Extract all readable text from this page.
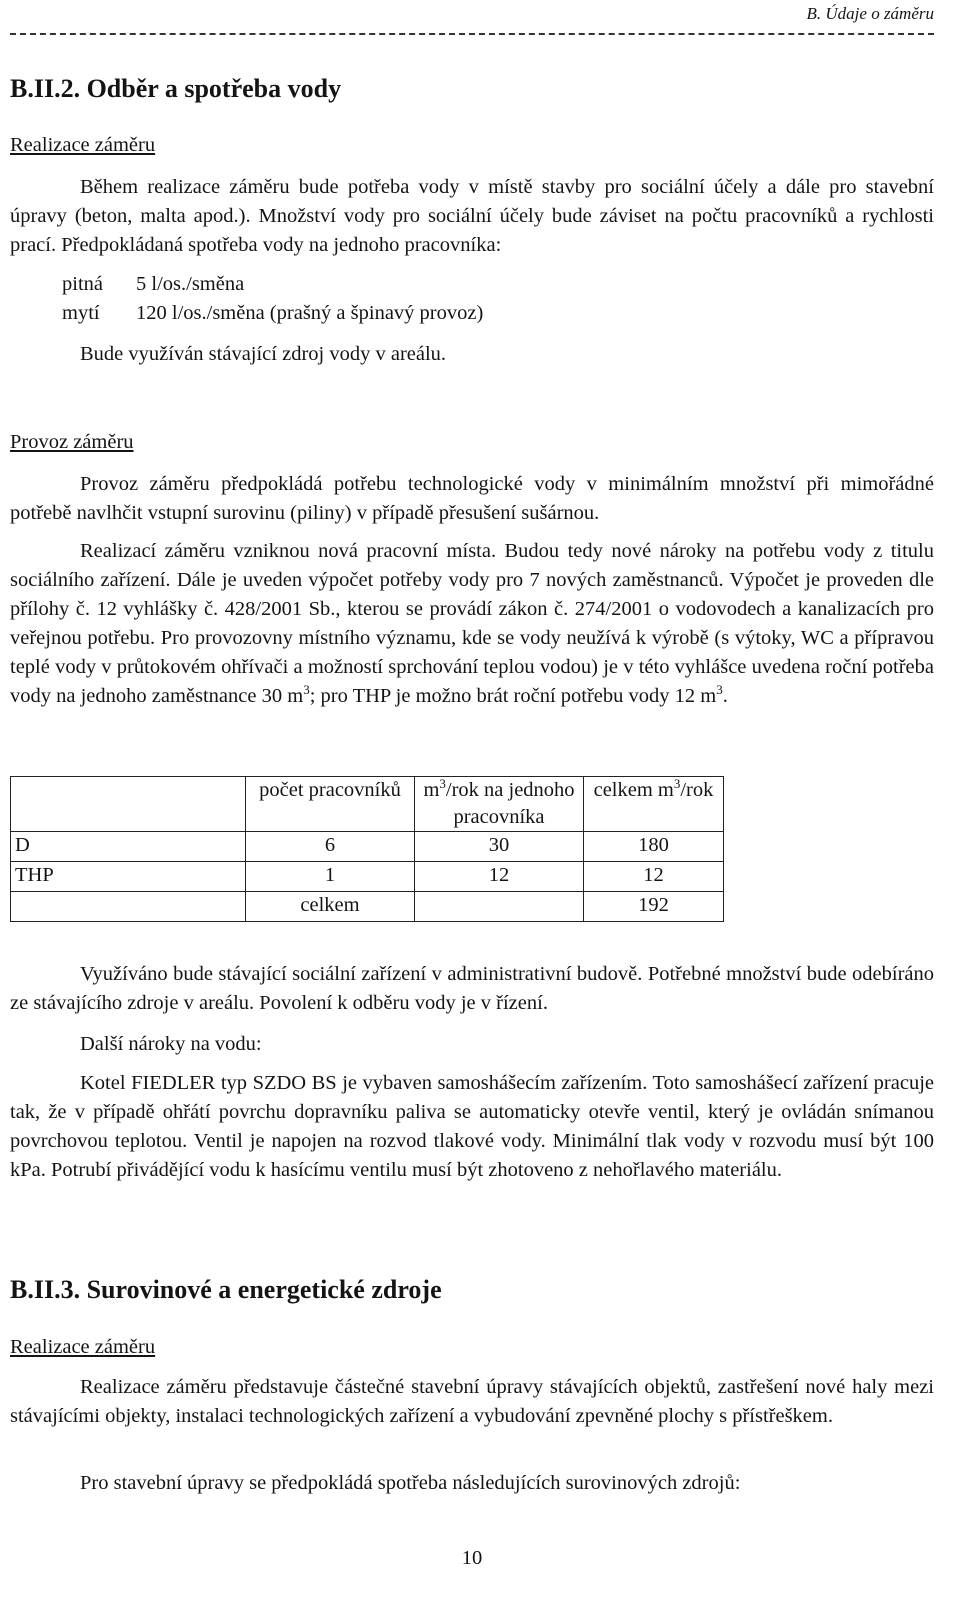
B. Údaje o záměru
B.II.2. Odběr a spotřeba vody
Realizace záměru
Během realizace záměru bude potřeba vody v místě stavby pro sociální účely a dále pro stavební úpravy (beton, malta apod.). Množství vody pro sociální účely bude záviset na počtu pracovníků a rychlosti prací. Předpokládaná spotřeba vody na jednoho pracovníka:
pitná 5 l/os./směna
mytí 120 l/os./směna (prašný a špinavý provoz)
Bude využíván stávající zdroj vody v areálu.
Provoz záměru
Provoz záměru předpokládá potřebu technologické vody v minimálním množství při mimořádné potřebě navlhčit vstupní surovinu (piliny) v případě přesušení sušárnou.
Realizací záměru vzniknou nová pracovní místa. Budou tedy nové nároky na potřebu vody z titulu sociálního zařízení. Dále je uveden výpočet potřeby vody pro 7 nových zaměstnanců. Výpočet je proveden dle přílohy č. 12 vyhlášky č. 428/2001 Sb., kterou se provádí zákon č. 274/2001 o vodovodech a kanalizacích pro veřejnou potřebu. Pro provozovny místního významu, kde se vody neužívá k výrobě (s výtoky, WC a přípravou teplé vody v průtokovém ohřívači a možností sprchování teplou vodou) je v této vyhlášce uvedena roční potřeba vody na jednoho zaměstnance 30 $m^3$; pro THP je možno brát roční potřebu vody 12 $m^3$.
	počet pracovníků	$m^3$/rok na jednoho pracovníka	celkem $m^3$/rok
D	6	30	180
THP	1	12	12
	celkem		192
Využíváno bude stávající sociální zařízení v administrativní budově. Potřebné množství bude odebíráno ze stávajícího zdroje v areálu. Povolení k odběru vody je v řízení.
Další nároky na vodu:
Kotel FIEDLER typ SZDO BS je vybaven samoshášecím zařízením. Toto samoshášecí zařízení pracuje tak, že v případě ohřátí povrchu dopravníku paliva se automaticky otevře ventil, který je ovládán snímanou povrchovou teplotou. Ventil je napojen na rozvod tlakové vody. Minimální tlak vody v rozvodu musí být 100 kPa. Potrubí přivádějící vodu k hasícímu ventilu musí být zhotoveno z nehořlavého materiálu.
B.II.3. Surovinové a energetické zdroje
Realizace záměru
Realizace záměru představuje částečné stavební úpravy stávajících objektů, zastřešení nové haly mezi stávajícími objekty, instalaci technologických zařízení a vybudování zpevněné plochy s přístřeškem.
Pro stavební úpravy se předpokládá spotřeba následujících surovinových zdrojů:
10
